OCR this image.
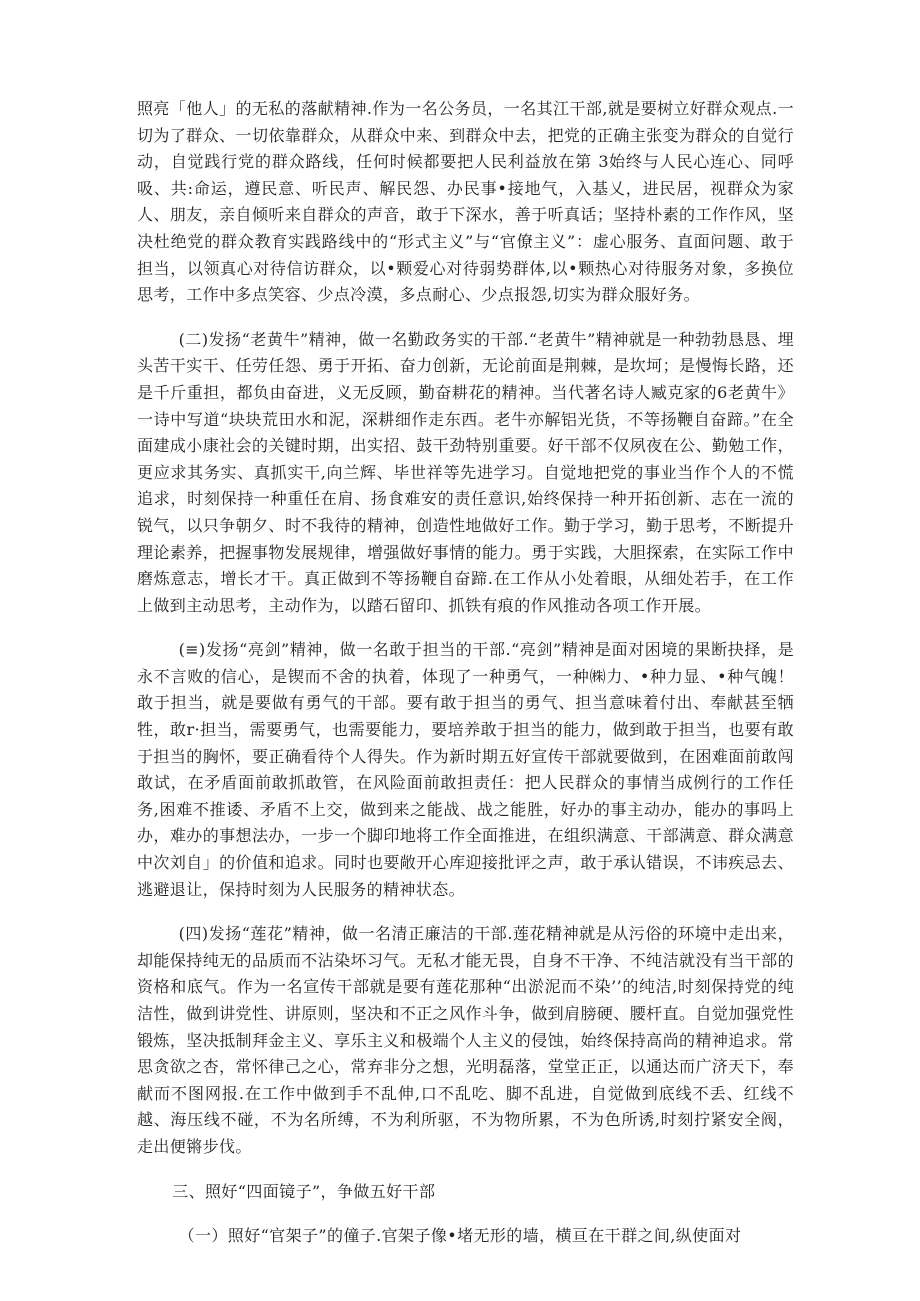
照亮「他人」的无私的落献精神.作为一名公务员，一名其江干部,就是要树立好群众观点.一切为了群众、一切依靠群众，从群众中来、到群众中去，把党的正确主张变为群众的自觉行动，自觉践行党的群众路线，任何时候都要把人民利益放在第  3始终与人民心连心、同呼吸、共:命运，遵民意、听民声、解民怨、办民事•接地气，入基乂，进民居，视群众为家人、朋友，亲自倾听来自群众的声音，敢于下深水，善于听真话；坚持朴素的工作作风，坚决杜绝党的群众教育实践路线中的“形式主义”与“官僚主义”：虚心服务、直面问题、敢于担当，以领真心对待信访群众，以•颗爱心对待弱势群体,以•颗热心对待服务对象，多换位思考，工作中多点笑容、少点冷漠，多点耐心、少点报怨,切实为群众服好务。

(二)发扬“老黄牛”精神，做一名勤政务实的干部.“老黄牛”精神就是一种勃勃恳恳、埋头苦干实干、任劳任怨、勇于开拓、奋力创新，无论前面是荆棘，是坎坷；是慢悔长路，还是千斤重担，都负由奋进，义无反顾，勤奋耕花的精神。当代著名诗人臧克家的6老黄牛》一诗中写道“块块荒田水和泥，深耕细作走东西。老牛亦解铝光货，不等扬鞭自奋蹄。”在全面建成小康社会的关键时期，出实招、鼓干劲特别重要。好干部不仅夙夜在公、勤勉工作，更应求其务实、真抓实干,向兰辉、毕世祥等先进学习。自觉地把党的事业当作个人的不慌追求，时刻保持一种重任在肩、扬食难安的责任意识,始终保持一种开拓创新、志在一流的锐气，以只争朝夕、时不我待的精神，创造性地做好工作。勤于学习，勤于思考，不断提升理论素养，把握事物发展规律，增强做好事情的能力。勇于实践，大胆探索，在实际工作中磨炼意志，增长才干。真正做到不等扬鞭自奋蹄.在工作从小处着眼，从细处若手，在工作上做到主动思考，主动作为，以踏石留印、抓铁有痕的作风推动各项工作开展。

(≡)发扬“亮剑”精神，做一名敢于担当的干部.“亮剑”精神是面对困境的果断抉择，是永不言败的信心，是锲而不舍的执着，体现了一种勇气，一种㈱力、•种力显、•种气魄！敢于担当，就是要做有勇气的干部。要有敢于担当的勇气、担当意味着付出、奉献甚至牺牲，敢r·担当，需要勇气，也需要能力，要培养敢于担当的能力，做到敢于担当，也要有敢于担当的胸怀，要正确看待个人得失。作为新时期五好宣传干部就要做到，在困难面前敢闯敢试，在矛盾面前敢抓敢管，在风险面前敢担责任：把人民群众的事情当成例行的工作任务,困难不推诿、矛盾不上交，做到来之能战、战之能胜，好办的事主动办，能办的事吗上办，难办的事想法办，一步一个脚印地将工作全面推进，在组织满意、干部满意、群众满意中次刘自」的价值和追求。同时也要敞开心库迎接批评之声，敢于承认错误，不讳疾忌去、逃避退让，保持时刻为人民服务的精神状态。

(四)发扬“莲花”精神，做一名清正廉洁的干部.莲花精神就是从污俗的环境中走出来，却能保持纯无的品质而不沾染坏习气。无私才能无畏，自身不干净、不纯洁就没有当干部的资格和底气。作为一名宣传干部就是要有莲花那种“出淤泥而不染’’的纯洁,时刻保持党的纯洁性，做到讲党性、讲原则，坚决和不正之风作斗争，做到肩膀硬、腰杆直。自觉加强党性锻炼，坚决抵制拜金主义、享乐主义和极端个人主义的侵蚀，始终保持高尚的精神追求。常思贪欲之杏，常怀律己之心，常弃非分之想，光明磊落，堂堂正正，以通达而广济天下，奉献而不图网报.在工作中做到手不乱伸,口不乱吃、脚不乱进，自觉做到底线不丢、红线不越、海压线不碰，不为名所缚，不为利所驱，不为物所累，不为色所诱,时刻拧紧安全阀，走出便锵步伐。

三、照好“四面镜子”，争做五好干部

（一）照好“官架子”的僮子.官架子像•堵无形的墙，横亘在干群之间,纵使面对
